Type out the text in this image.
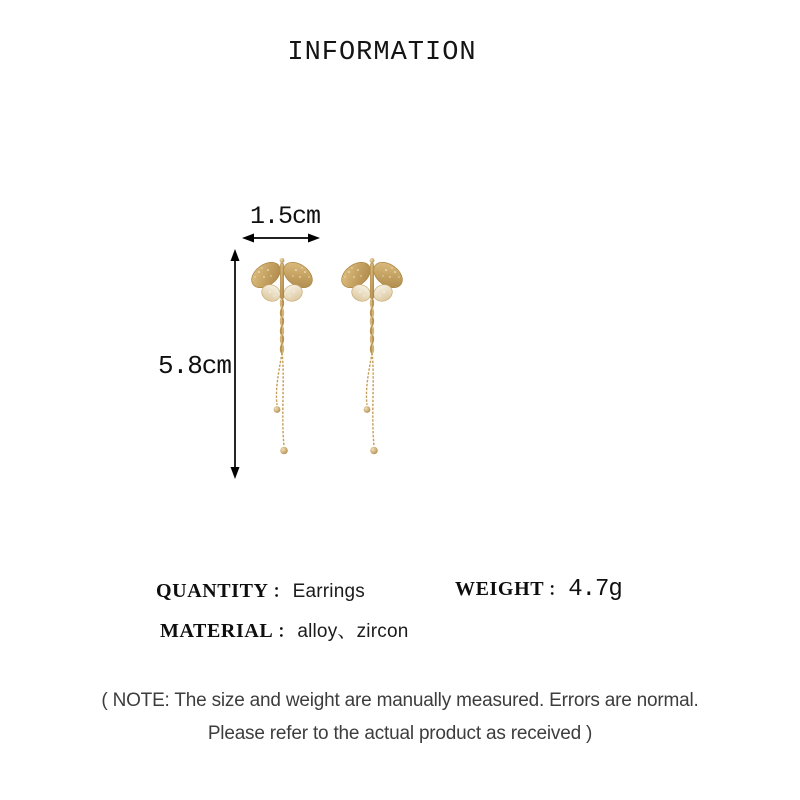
INFORMATION
1.5cm
5.8cm
QUANTITY ： Earrings	WEIGHT ： 4.7g
MATERIAL ： alloy、zircon
( NOTE: The size and weight are manually measured. Errors are normal.
Please refer to the actual product as received )
